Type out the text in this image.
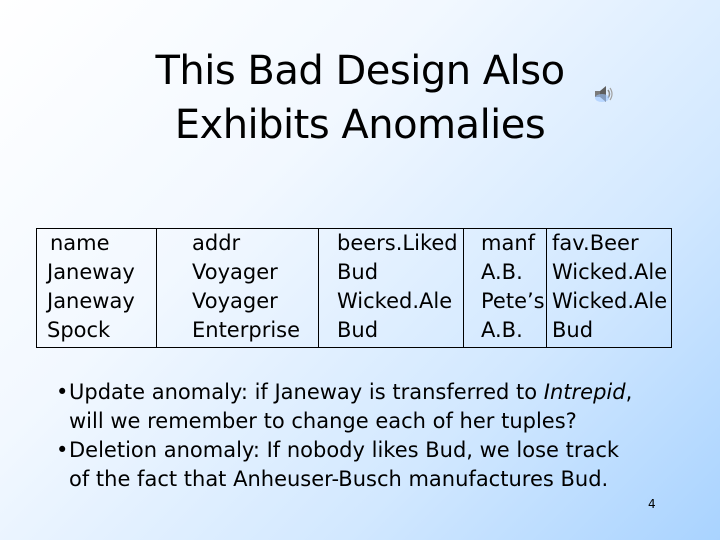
This Bad Design Also
Exhibits Anomalies
name
Janeway
Janeway
Spock
addr
Voyager
Voyager
Enterprise
beers.Liked
Bud
Wicked.Ale
Bud
manf
A.B.
Pete’s
A.B.
fav.Beer
Wicked.Ale
Wicked.Ale
Bud
• Update anomaly: if Janeway is transferred to Intrepid,
will we remember to change each of her tuples?
• Deletion anomaly: If nobody likes Bud, we lose track
of the fact that Anheuser-Busch manufactures Bud.
4
